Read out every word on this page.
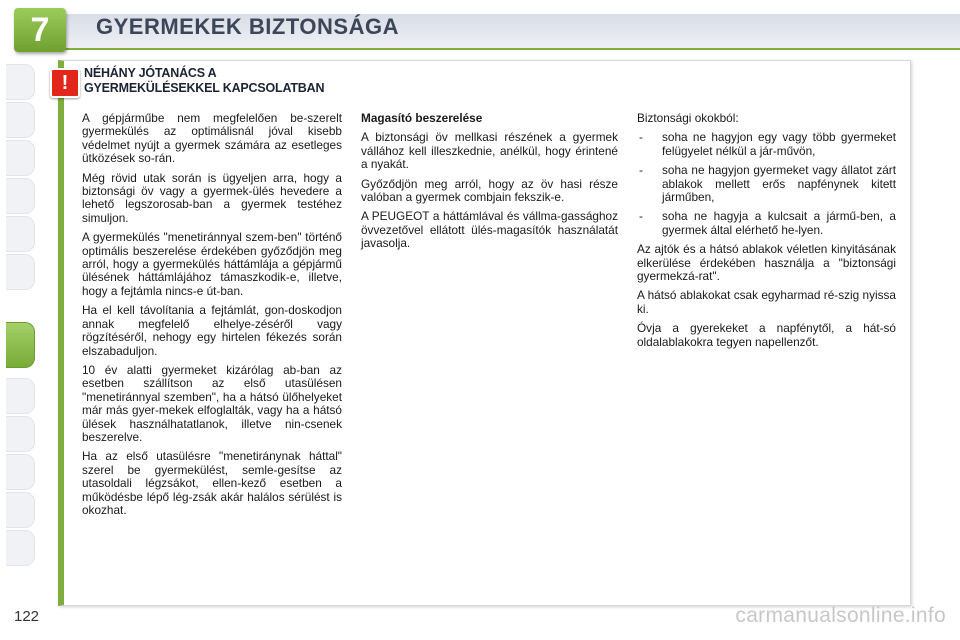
7 GYERMEKEK BIZTONSÁGA
! NÉHÁNY JÓTANÁCS A
GYERMEKÜLÉSEKKEL KAPCSOLATBAN

A gépjárműbe nem megfelelően be-szerelt gyermekülés az optimálisnál jóval kisebb védelmet nyújt a gyermek számára az esetleges ütközések so-rán.

Még rövid utak során is ügyeljen arra, hogy a biztonsági öv vagy a gyermek-ülés hevedere a lehető legszorosab-ban a gyermek testéhez simuljon.

A gyermekülés "menetiránnyal szem-ben" történő optimális beszerelése érdekében győződjön meg arról, hogy a gyermekülés háttámlája a gépjármű ülésének háttámlájához támaszkodik-e, illetve, hogy a fejtámla nincs-e út-ban.

Ha el kell távolítania a fejtámlát, gon-doskodjon annak megfelelő elhelye-zéséről vagy rögzítéséről, nehogy egy hirtelen fékezés során elszabaduljon.

10 év alatti gyermeket kizárólag ab-ban az esetben szállítson az első utasülésen "menetiránnyal szemben", ha a hátsó ülőhelyeket már más gyer-mekek elfoglalták, vagy ha a hátsó ülések használhatatlanok, illetve nin-csenek beszerelve.

Ha az első utasülésre "menetiránynak háttal" szerel be gyermekülést, semle-gesítse az utasoldali légzsákot, ellen-kező esetben a működésbe lépő lég-zsák akár halálos sérülést is okozhat.

Magasító beszerelése

A biztonsági öv mellkasi részének a gyermek vállához kell illeszkednie, anélkül, hogy érintené a nyakát.

Győződjön meg arról, hogy az öv hasi része valóban a gyermek combjain fekszik-e.

A PEUGEOT a háttámlával és vállma-gassághoz övvezetővel ellátott ülés-magasítók használatát javasolja.

Biztonsági okokból:

- soha ne hagyjon egy vagy több gyermeket felügyelet nélkül a jár-művön,
- soha ne hagyjon gyermeket vagy állatot zárt ablakok mellett erős napfénynek kitett járműben,
- soha ne hagyja a kulcsait a jármű-ben, a gyermek által elérhető he-lyen.

Az ajtók és a hátsó ablakok véletlen kinyitásának elkerülése érdekében használja a "biztonsági gyermekzá-rat".

A hátsó ablakokat csak egyharmad ré-szig nyissa ki.

Óvja a gyerekeket a napfénytől, a hát-só oldalablakokra tegyen napellenzőt.

122	carmanualsonline.info
